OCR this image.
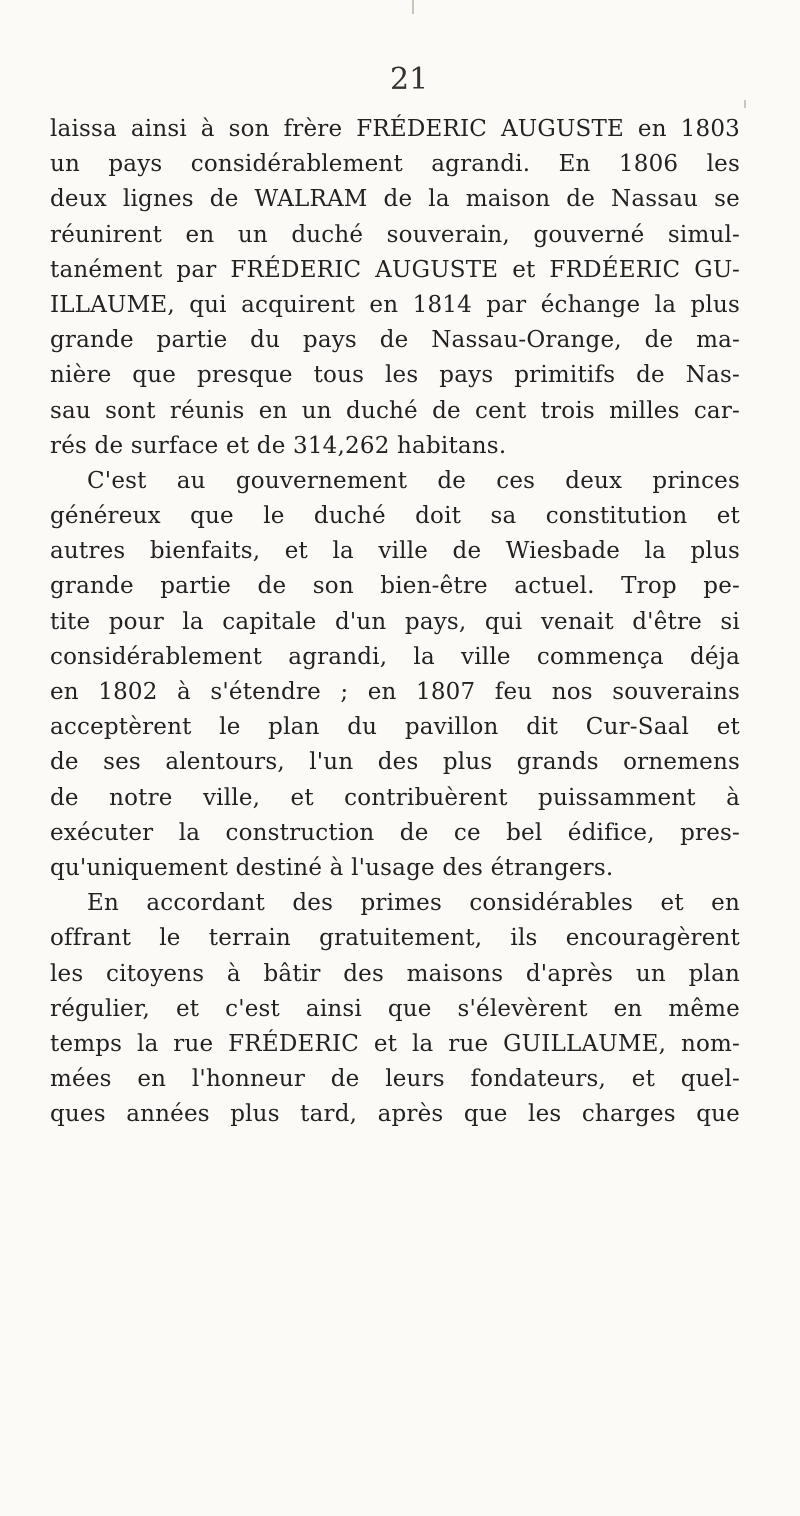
21
laissa ainsi à son frère FRÉDERIC AUGUSTE en 1803
un pays considérablement agrandi. En 1806 les
deux lignes de WALRAM de la maison de Nassau se
réunirent en un duché souverain, gouverné simul-
tanément par FRÉDERIC AUGUSTE et FRDÉERIC GU-
ILLAUME, qui acquirent en 1814 par échange la plus
grande partie du pays de Nassau-Orange, de ma-
nière que presque tous les pays primitifs de Nas-
sau sont réunis en un duché de cent trois milles car-
rés de surface et de 314,262 habitans.
C'est au gouvernement de ces deux princes
généreux que le duché doit sa constitution et
autres bienfaits, et la ville de Wiesbade la plus
grande partie de son bien-être actuel. Trop pe-
tite pour la capitale d'un pays, qui venait d'être si
considérablement agrandi, la ville commença déja
en 1802 à s'étendre ; en 1807 feu nos souverains
acceptèrent le plan du pavillon dit Cur-Saal et
de ses alentours, l'un des plus grands ornemens
de notre ville, et contribuèrent puissamment à
exécuter la construction de ce bel édifice, pres-
qu'uniquement destiné à l'usage des étrangers.
En accordant des primes considérables et en
offrant le terrain gratuitement, ils encouragèrent
les citoyens à bâtir des maisons d'après un plan
régulier, et c'est ainsi que s'élevèrent en même
temps la rue FRÉDERIC et la rue GUILLAUME, nom-
mées en l'honneur de leurs fondateurs, et quel-
ques années plus tard, après que les charges que
